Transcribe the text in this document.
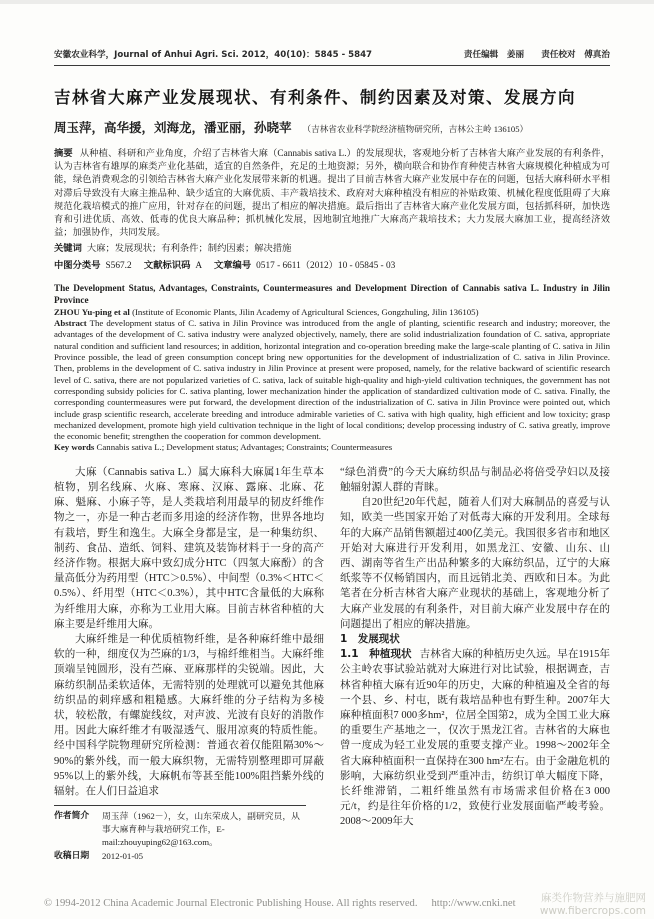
安徽农业科学，Journal of Anhui Agri. Sci. 2012，40(10)：5845 - 5847	责任编辑　姜丽　　责任校对　傅真治
吉林省大麻产业发展现状、有利条件、制约因素及对策、发展方向
周玉萍，高华援，刘海龙，潘亚丽，孙晓苹 （吉林省农业科学院经济植物研究所，吉林公主岭 136105）
摘要 从种植、科研和产业角度，介绍了吉林省大麻（Cannabis sativa L.）的发展现状，客观地分析了吉林省大麻产业发展的有利条件，认为吉林省有雄厚的麻类产业化基础，适宜的自然条件，充足的土地资源；另外，横向联合和协作育种使吉林省大麻规模化种植成为可能，绿色消费观念的引领给吉林省大麻产业化发展带来新的机遇。提出了目前吉林省大麻产业发展中存在的问题，包括大麻科研水平相对滞后导致没有大麻主推品种、缺少适宜的大麻优质、丰产栽培技术、政府对大麻种植没有相应的补贴政策、机械化程度低阻碍了大麻规范化栽培模式的推广应用，针对存在的问题，提出了相应的解决措施。最后指出了吉林省大麻产业化发展方面，包括抓科研，加快选育和引进优质、高效、低毒的优良大麻品种；抓机械化发展，因地制宜地推广大麻高产栽培技术；大力发展大麻加工业，提高经济效益；加强协作，共同发展。
关键词 大麻；发展现状；有利条件；制约因素；解决措施
中图分类号 S567.2 文献标识码 A 文章编号 0517 - 6611（2012）10 - 05845 - 03
The Development Status, Advantages, Constraints, Countermeasures and Development Direction of Cannabis sativa L. Industry in Jilin Province
ZHOU Yu-ping et al (Institute of Economic Plants, Jilin Academy of Agricultural Sciences, Gongzhuling, Jilin 136105)
Abstract The development status of C. sativa in Jilin Province was introduced from the angle of planting, scientific research and industry; moreover, the advantages of the development of C. sativa industry were analyzed objectively, namely, there are solid industrialization foundation of C. sativa, appropriate natural condition and sufficient land resources; in addition, horizontal integration and co-operation breeding make the large-scale planting of C. sativa in Jilin Province possible, the lead of green consumption concept bring new opportunities for the development of industrialization of C. sativa in Jilin Province. Then, problems in the development of C. sativa industry in Jilin Province at present were proposed, namely, for the relative backward of scientific research level of C. sativa, there are not popularized varieties of C. sativa, lack of suitable high-quality and high-yield cultivation techniques, the government has not corresponding subsidy policies for C. sativa planting, lower mechanization hinder the application of standardized cultivation mode of C. sativa. Finally, the corresponding countermeasures were put forward, the development direction of the industrialization of C. sativa in Jilin Province were pointed out, which include grasp scientific research, accelerate breeding and introduce admirable varieties of C. sativa with high quality, high efficient and low toxicity; grasp mechanized development, promote high yield cultivation technique in the light of local conditions; develop processing industry of C. sativa greatly, improve the economic benefit; strengthen the cooperation for common development.
Key words Cannabis sativa L.; Development status; Advantages; Constraints; Countermeasures

大麻（Cannabis sativa L.）属大麻科大麻属1年生草本植物，别名线麻、火麻、寒麻、汉麻、露麻、北麻、花麻、魁麻、小麻子等，是人类栽培利用最早的韧皮纤维作物之一，亦是一种古老而多用途的经济作物，世界各地均有栽培，野生和逸生。大麻全身都是宝，是一种集纺织、制药、食品、造纸、饲料、建筑及装饰材料于一身的高产经济作物。根据大麻中致幻成分HTC（四氢大麻酚）的含量高低分为药用型（HTC＞0.5%）、中间型（0.3%＜HTC＜0.5%）、纤用型（HTC＜0.3%），其中HTC含量低的大麻称为纤维用大麻，亦称为工业用大麻。目前吉林省种植的大麻主要是纤维用大麻。

大麻纤维是一种优质植物纤维，是各种麻纤维中最细软的一种，细度仅为苎麻的1/3，与棉纤维相当。大麻纤维顶端呈钝圆形，没有苎麻、亚麻那样的尖锐端。因此，大麻纺织制品柔软适体，无需特别的处理就可以避免其他麻纺织品的刺痒感和粗糙感。大麻纤维的分子结构为多棱状，较松散，有螺旋线纹，对声波、光波有良好的消散作用。因此大麻纤维才有吸湿透气、服用凉爽的特质性能。经中国科学院物理研究所检测：普通衣着仅能阻隔30%～90%的紫外线，而一般大麻织物，无需特别整理即可屏蔽95%以上的紫外线，大麻帆布等甚至能100%阻挡紫外线的辐射。在人们日益追求

作者简介	周玉萍（1962－），女，山东荣成人，副研究员，从事大麻育种与栽培研究工作，E-mail:zhouyuping62@163.com。
收稿日期	2012-01-05

“绿色消费”的今天大麻纺织品与制品必将倍受孕妇以及接触辐射源人群的青睐。

自20世纪20年代起，随着人们对大麻制品的喜爱与认知，欧美一些国家开始了对低毒大麻的开发利用。全球每年的大麻产品销售额超过400亿美元。我国很多省市和地区开始对大麻进行开发利用，如黑龙江、安徽、山东、山西、湖南等省生产出品种繁多的大麻纺织品，辽宁的大麻纸浆等不仅畅销国内，而且远销北美、西欧和日本。为此笔者在分析吉林省大麻产业现状的基础上，客观地分析了大麻产业发展的有利条件，对目前大麻产业发展中存在的问题提出了相应的解决措施。

1　发展现状

1.1　种植现状 吉林省大麻的种植历史久远。早在1915年公主岭农事试验站就对大麻进行对比试验，根据调查，吉林省种植大麻有近90年的历史，大麻的种植遍及全省的每一个县、乡、村屯，既有栽培品种也有野生种。2007年大麻种植面积7 000多hm²，位居全国第2，成为全国工业大麻的重要生产基地之一，仅次于黑龙江省。吉林省的大麻也曾一度成为轻工业发展的重要支撑产业。1998～2002年全省大麻种植面积一直保持在300 hm²左右。由于金融危机的影响，大麻纺织业受到严重冲击，纺织订单大幅度下降，长纤维滞销，二粗纤维虽然有市场需求但价格在3 000元/t，约是往年价格的1/2，致使行业发展面临严峻考验。2008～2009年大

© 1994-2012 China Academic Journal Electronic Publishing House. All rights reserved. http://www.cnki.net 麻类作物营养与施肥网
www.fibercrops.com
